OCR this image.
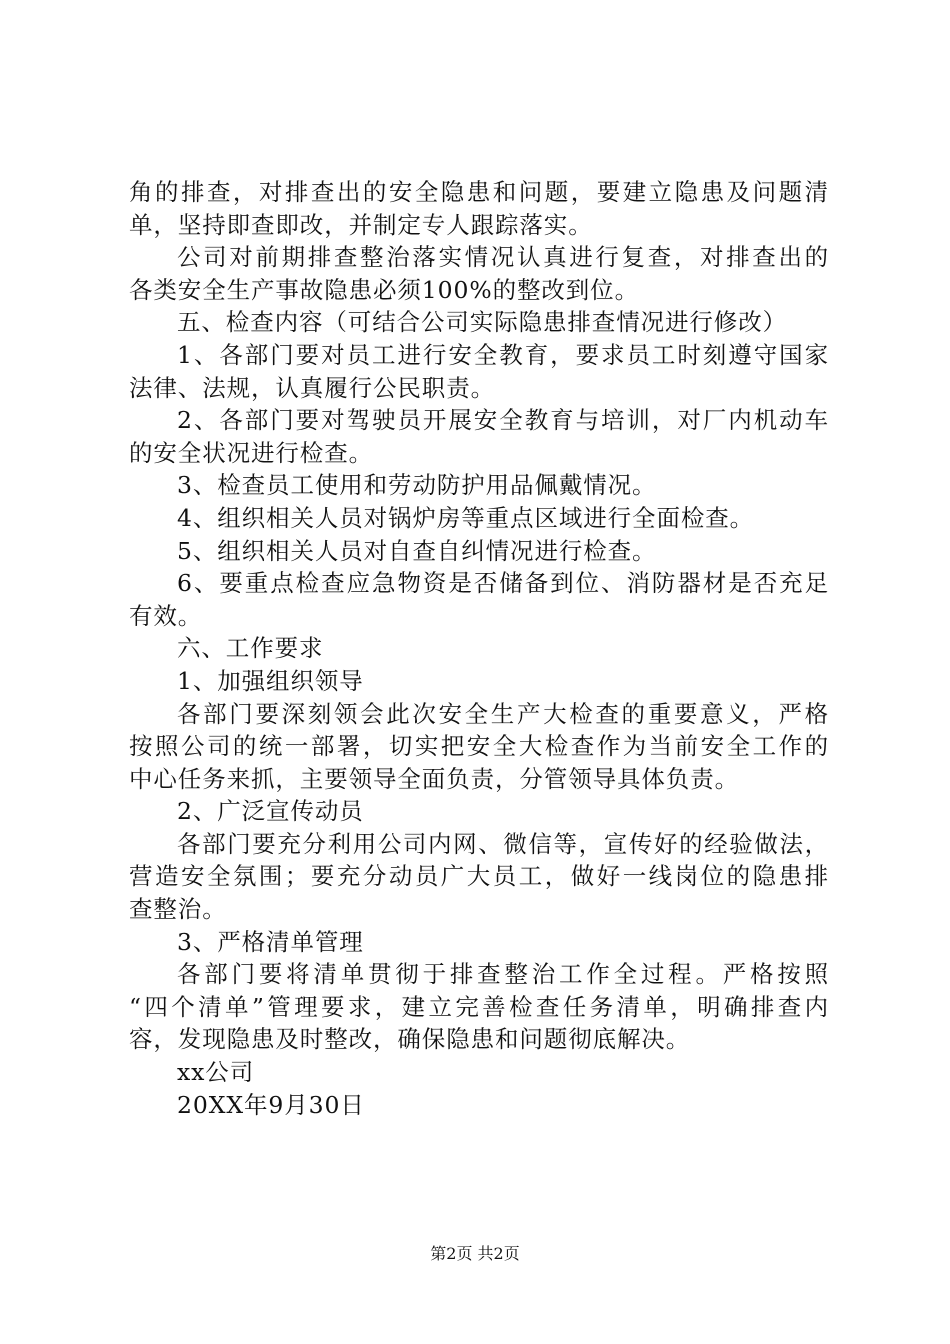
角的排查，对排查出的安全隐患和问题，要建立隐患及问题清
单，坚持即查即改，并制定专人跟踪落实。
公司对前期排查整治落实情况认真进行复查，对排查出的
各类安全生产事故隐患必须100%的整改到位。
五、检查内容（可结合公司实际隐患排查情况进行修改）
1、各部门要对员工进行安全教育，要求员工时刻遵守国家
法律、法规，认真履行公民职责。
2、各部门要对驾驶员开展安全教育与培训，对厂内机动车
的安全状况进行检查。
3、检查员工使用和劳动防护用品佩戴情况。
4、组织相关人员对锅炉房等重点区域进行全面检查。
5、组织相关人员对自查自纠情况进行检查。
6、要重点检查应急物资是否储备到位、消防器材是否充足
有效。
六、工作要求
1、加强组织领导
各部门要深刻领会此次安全生产大检查的重要意义，严格
按照公司的统一部署，切实把安全大检查作为当前安全工作的
中心任务来抓，主要领导全面负责，分管领导具体负责。
2、广泛宣传动员
各部门要充分利用公司内网、微信等，宣传好的经验做法，
营造安全氛围；要充分动员广大员工，做好一线岗位的隐患排
查整治。
3、严格清单管理
各部门要将清单贯彻于排查整治工作全过程。严格按照
“四个清单”管理要求，建立完善检查任务清单，明确排查内
容，发现隐患及时整改，确保隐患和问题彻底解决。
xx公司
20XX年9月30日
第2页 共2页
